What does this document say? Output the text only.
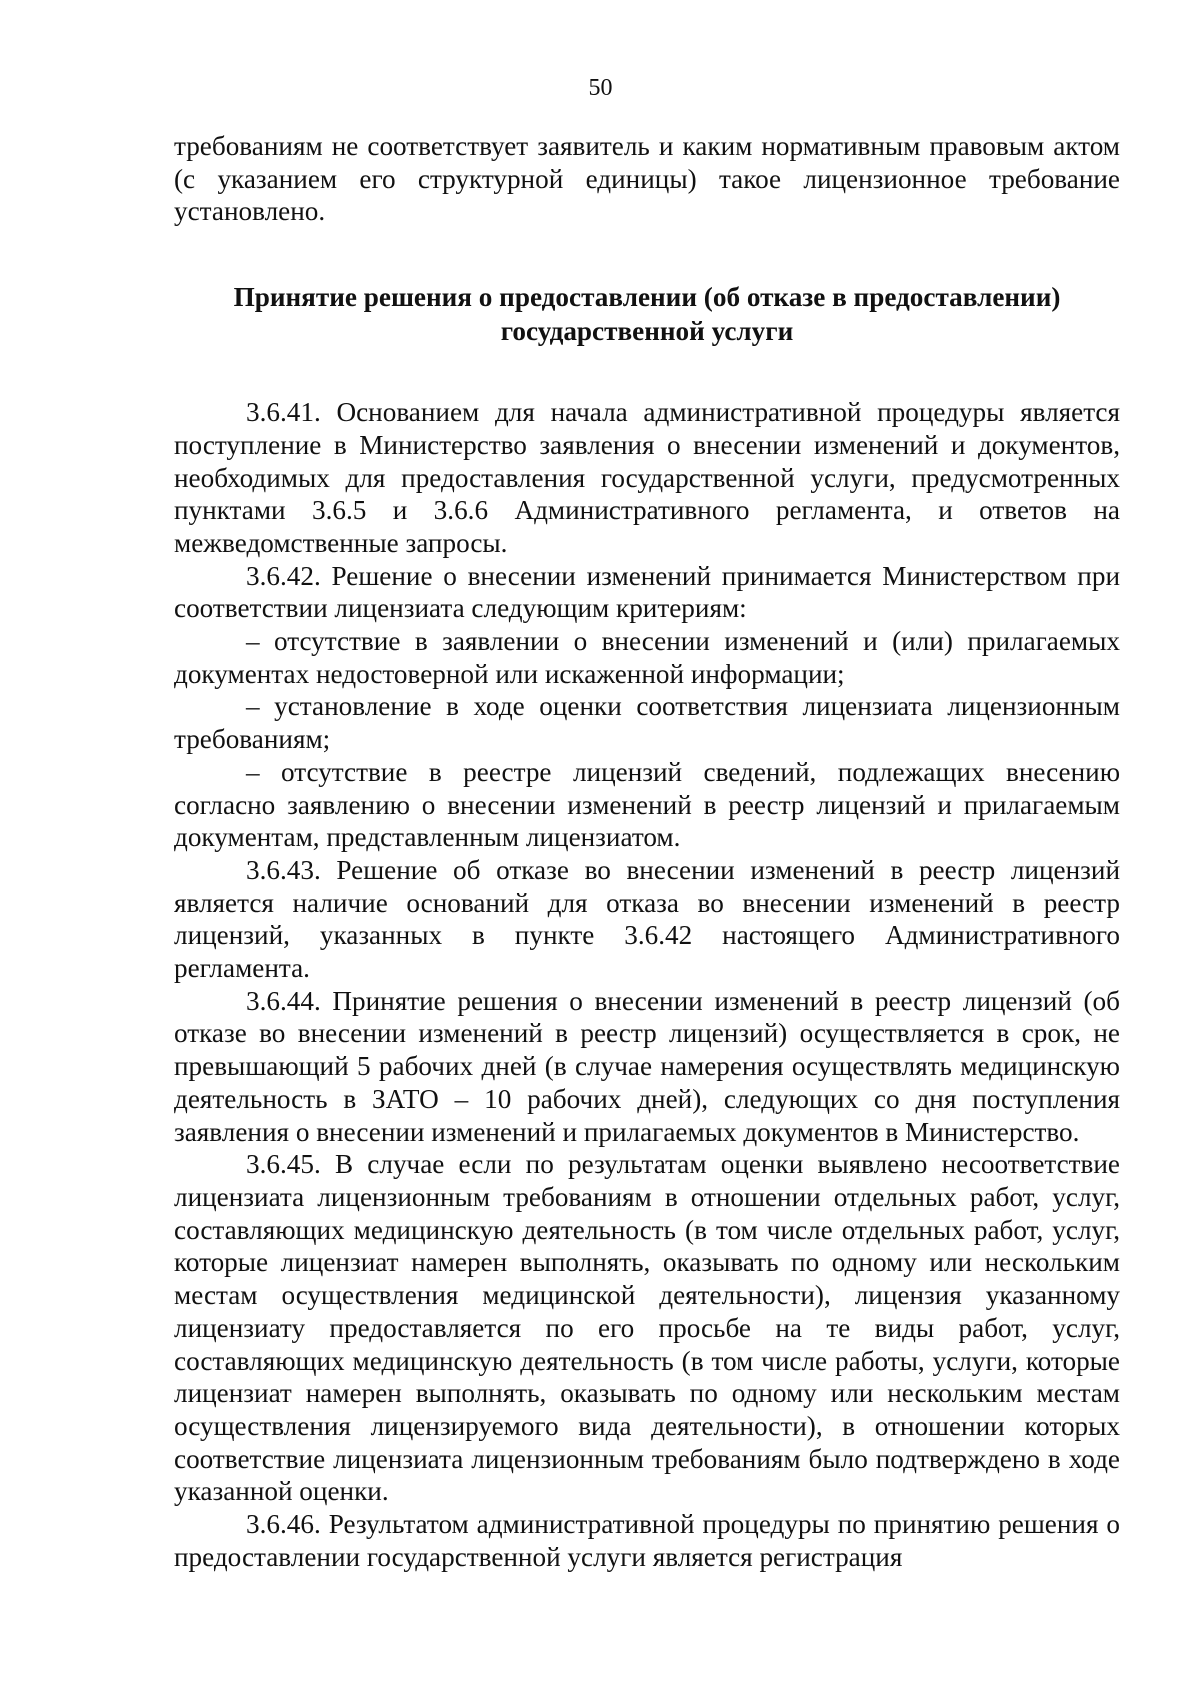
50

требованиям не соответствует заявитель и каким нормативным правовым актом (с указанием его структурной единицы) такое лицензионное требование установлено.

Принятие решения о предоставлении (об отказе в предоставлении)
государственной услуги

3.6.41. Основанием для начала административной процедуры является поступление в Министерство заявления о внесении изменений и документов, необходимых для предоставления государственной услуги, предусмотренных пунктами 3.6.5 и 3.6.6 Административного регламента, и ответов на межведомственные запросы.

3.6.42. Решение о внесении изменений принимается Министерством при соответствии лицензиата следующим критериям:

– отсутствие в заявлении о внесении изменений и (или) прилагаемых документах недостоверной или искаженной информации;

– установление в ходе оценки соответствия лицензиата лицензионным требованиям;

– отсутствие в реестре лицензий сведений, подлежащих внесению согласно заявлению о внесении изменений в реестр лицензий и прилагаемым документам, представленным лицензиатом.

3.6.43. Решение об отказе во внесении изменений в реестр лицензий является наличие оснований для отказа во внесении изменений в реестр лицензий, указанных в пункте 3.6.42 настоящего Административного регламента.

3.6.44. Принятие решения о внесении изменений в реестр лицензий (об отказе во внесении изменений в реестр лицензий) осуществляется в срок, не превышающий 5 рабочих дней (в случае намерения осуществлять медицинскую деятельность в ЗАТО – 10 рабочих дней), следующих со дня поступления заявления о внесении изменений и прилагаемых документов в Министерство.

3.6.45. В случае если по результатам оценки выявлено несоответствие лицензиата лицензионным требованиям в отношении отдельных работ, услуг, составляющих медицинскую деятельность (в том числе отдельных работ, услуг, которые лицензиат намерен выполнять, оказывать по одному или нескольким местам осуществления медицинской деятельности), лицензия указанному лицензиату предоставляется по его просьбе на те виды работ, услуг, составляющих медицинскую деятельность (в том числе работы, услуги, которые лицензиат намерен выполнять, оказывать по одному или нескольким местам осуществления лицензируемого вида деятельности), в отношении которых соответствие лицензиата лицензионным требованиям было подтверждено в ходе указанной оценки.

3.6.46. Результатом административной процедуры по принятию решения о предоставлении государственной услуги является регистрация
